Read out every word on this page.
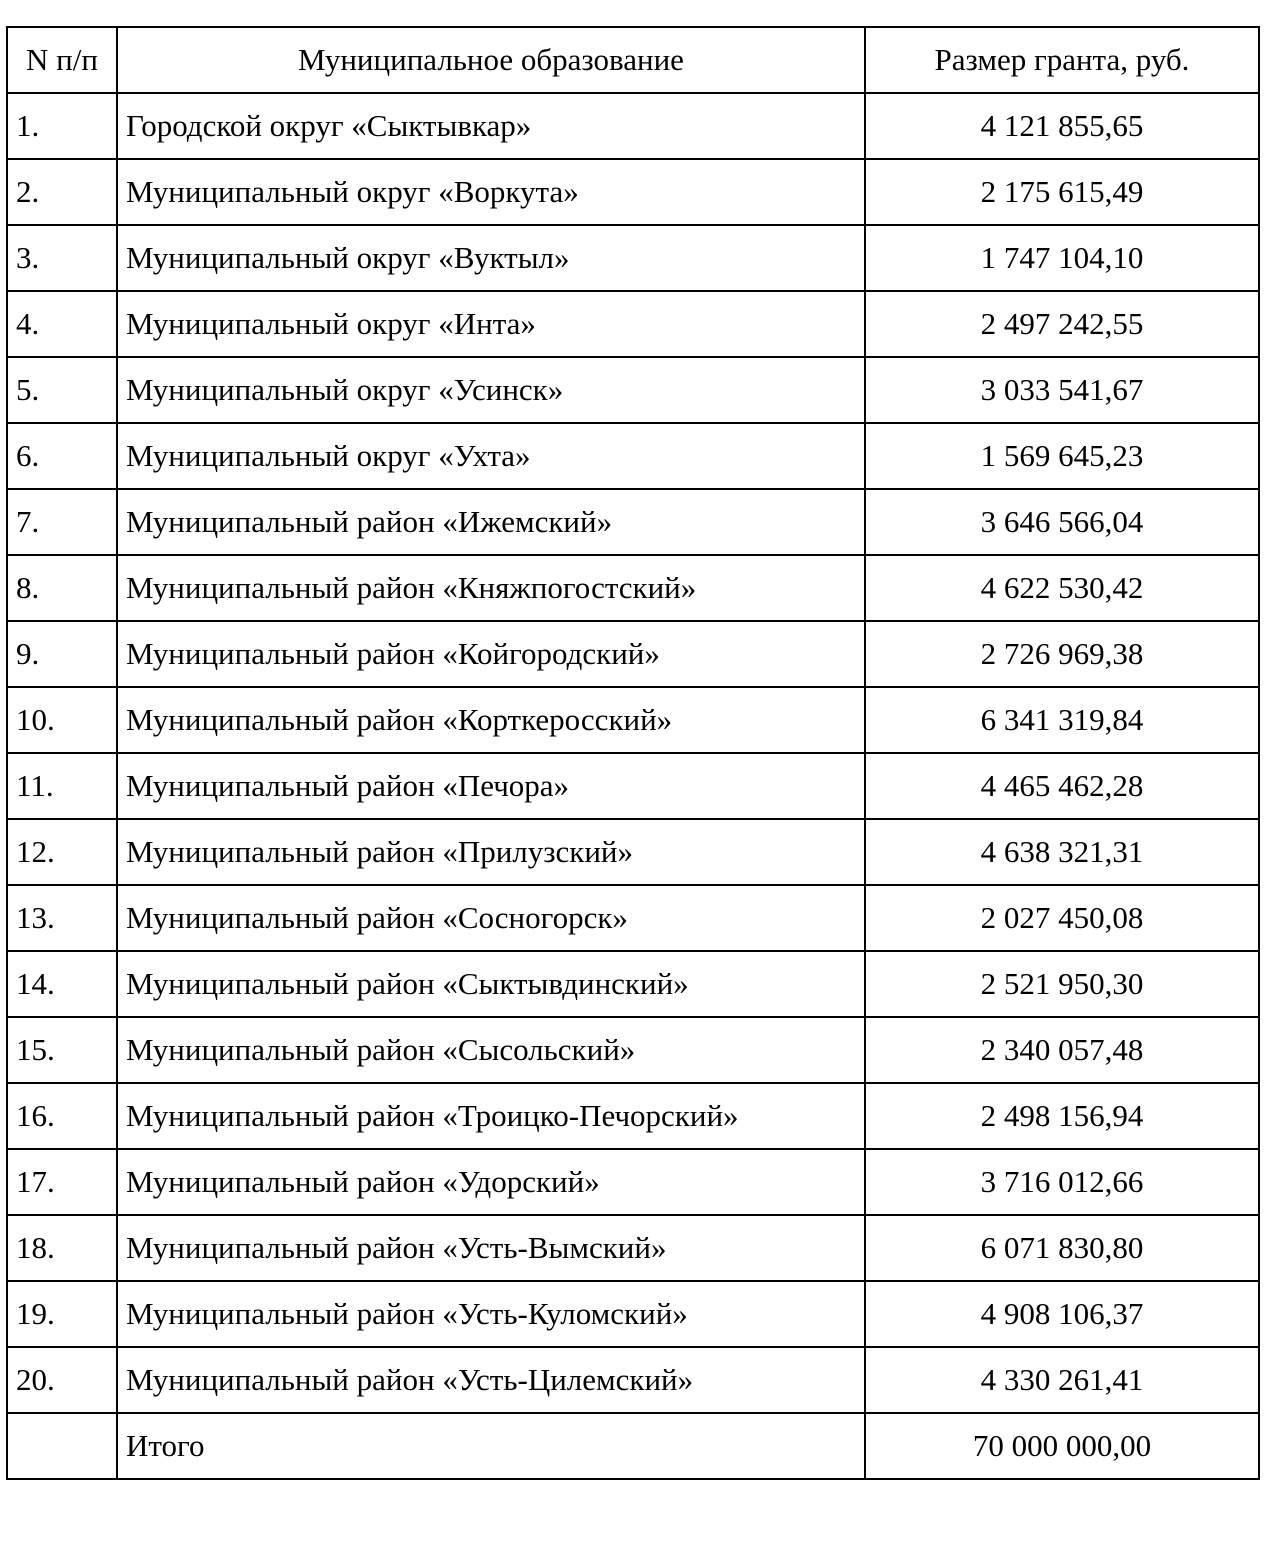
N п/п	Муниципальное образование	Размер гранта, руб.
1.	Городской округ «Сыктывкар»	4 121 855,65
2.	Муниципальный округ «Воркута»	2 175 615,49
3.	Муниципальный округ «Вуктыл»	1 747 104,10
4.	Муниципальный округ «Инта»	2 497 242,55
5.	Муниципальный округ «Усинск»	3 033 541,67
6.	Муниципальный округ «Ухта»	1 569 645,23
7.	Муниципальный район «Ижемский»	3 646 566,04
8.	Муниципальный район «Княжпогостский»	4 622 530,42
9.	Муниципальный район «Койгородский»	2 726 969,38
10.	Муниципальный район «Корткеросский»	6 341 319,84
11.	Муниципальный район «Печора»	4 465 462,28
12.	Муниципальный район «Прилузский»	4 638 321,31
13.	Муниципальный район «Сосногорск»	2 027 450,08
14.	Муниципальный район «Сыктывдинский»	2 521 950,30
15.	Муниципальный район «Сысольский»	2 340 057,48
16.	Муниципальный район «Троицко-Печорский»	2 498 156,94
17.	Муниципальный район «Удорский»	3 716 012,66
18.	Муниципальный район «Усть-Вымский»	6 071 830,80
19.	Муниципальный район «Усть-Куломский»	4 908 106,37
20.	Муниципальный район «Усть-Цилемский»	4 330 261,41
	Итого	70 000 000,00
